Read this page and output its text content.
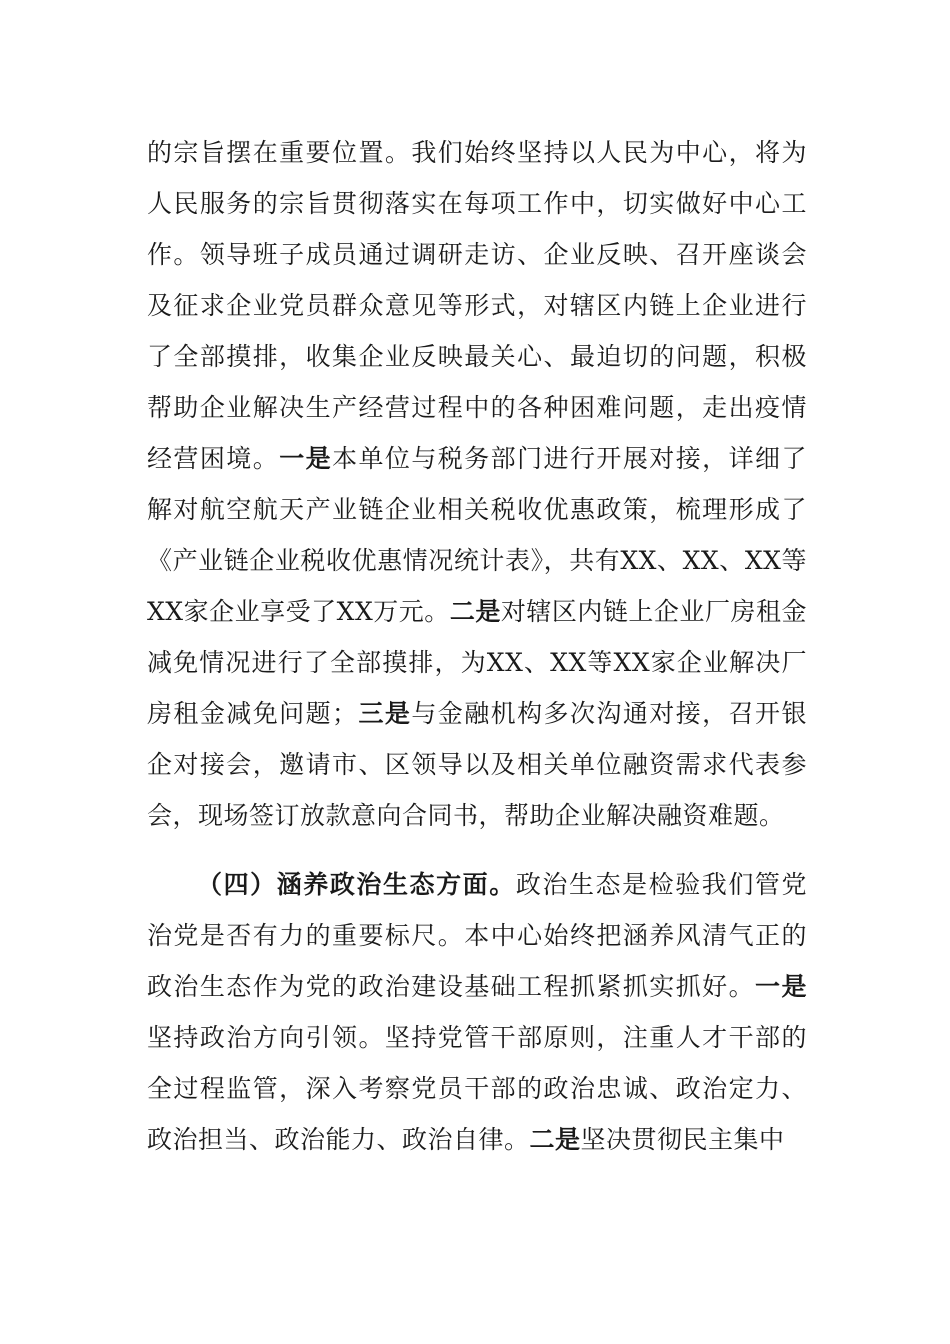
的宗旨摆在重要位置。我们始终坚持以人民为中心，将为人民服务的宗旨贯彻落实在每项工作中，切实做好中心工作。领导班子成员通过调研走访、企业反映、召开座谈会及征求企业党员群众意见等形式，对辖区内链上企业进行了全部摸排，收集企业反映最关心、最迫切的问题，积极帮助企业解决生产经营过程中的各种困难问题，走出疫情经营困境。一是本单位与税务部门进行开展对接，详细了解对航空航天产业链企业相关税收优惠政策，梳理形成了《产业链企业税收优惠情况统计表》，共有XX、XX、XX等XX家企业享受了XX万元。二是对辖区内链上企业厂房租金减免情况进行了全部摸排，为XX、XX等XX家企业解决厂房租金减免问题；三是与金融机构多次沟通对接，召开银企对接会，邀请市、区领导以及相关单位融资需求代表参会，现场签订放款意向合同书，帮助企业解决融资难题。

（四）涵养政治生态方面。政治生态是检验我们管党治党是否有力的重要标尺。本中心始终把涵养风清气正的政治生态作为党的政治建设基础工程抓紧抓实抓好。一是坚持政治方向引领。坚持党管干部原则，注重人才干部的全过程监管，深入考察党员干部的政治忠诚、政治定力、政治担当、政治能力、政治自律。二是坚决贯彻民主集中
